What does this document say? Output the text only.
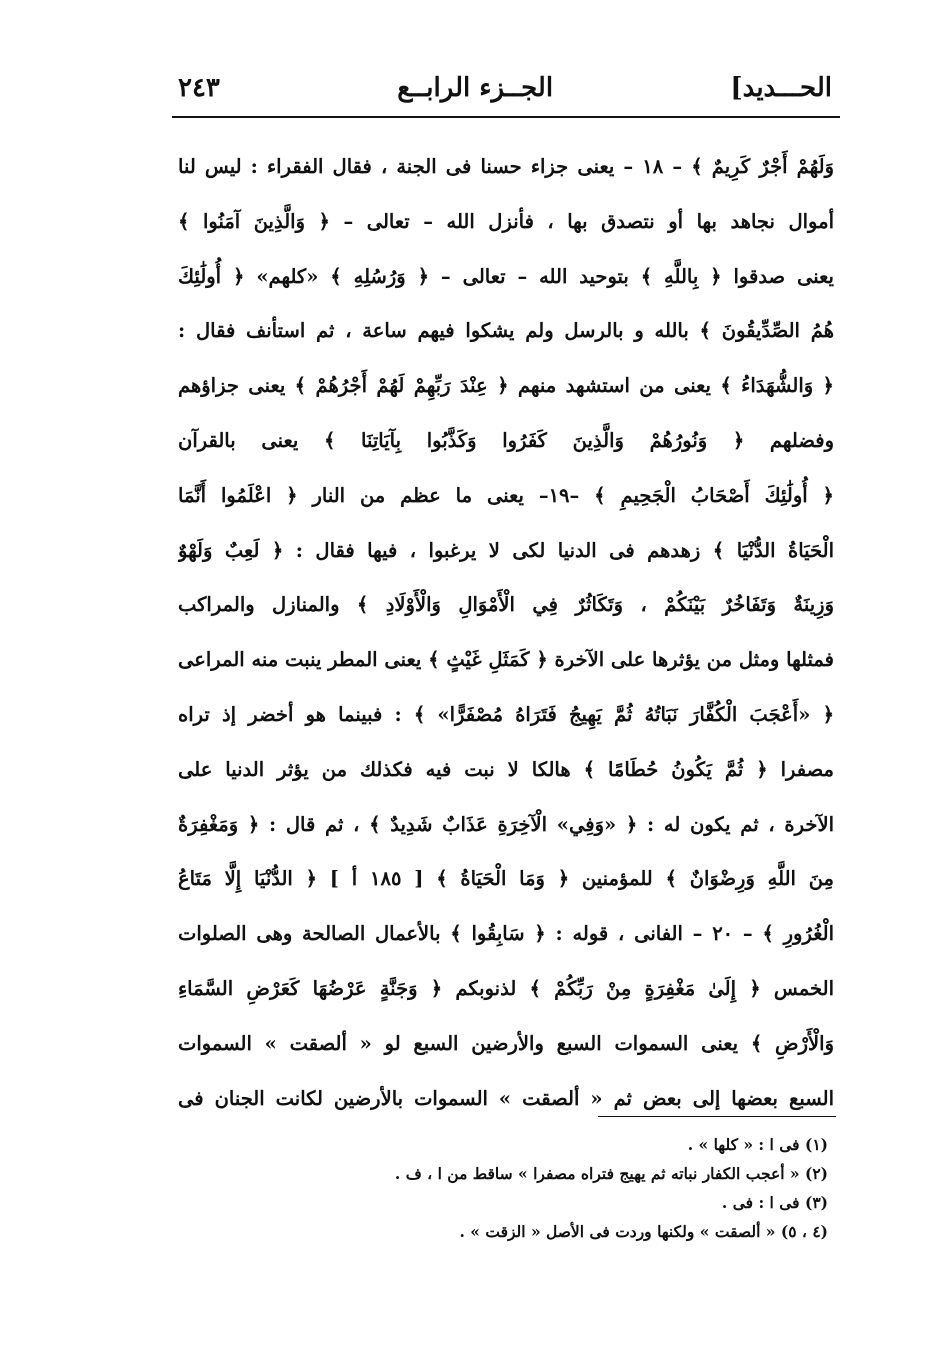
الحـــديد]
الجــزء الرابــع
٢٤٣
وَلَهُمْ أَجْرٌ كَرِيمٌ ﴾ – ١٨ – يعنى جزاء حسنا فى الجنة ، فقال الفقراء : ليس لنا
أموال نجاهد بها أو نتصدق بها ، فأنزل الله – تعالى – ﴿ وَالَّذِينَ آمَنُوا ﴾
يعنى صدقوا ﴿ بِاللَّهِ ﴾ بتوحيد الله – تعالى – ﴿ وَرُسُلِهِ ﴾ «كلهم» ﴿ أُولَٰئِكَ
هُمُ الصِّدِّيقُونَ ﴾ بالله و بالرسل ولم يشكوا فيهم ساعة ، ثم استأنف فقال :
﴿ وَالشُّهَدَاءُ ﴾ يعنى من استشهد منهم ﴿ عِنْدَ رَبِّهِمْ لَهُمْ أَجْرُهُمْ ﴾ يعنى جزاؤهم
وفضلهم ﴿ وَنُورُهُمْ وَالَّذِينَ كَفَرُوا وَكَذَّبُوا بِآيَاتِنَا ﴾ يعنى بالقرآن
﴿ أُولَٰئِكَ أَصْحَابُ الْجَحِيمِ ﴾ –١٩– يعنى ما عظم من النار ﴿ اعْلَمُوا أَنَّمَا
الْحَيَاةُ الدُّنْيَا ﴾ زهدهم فى الدنيا لكى لا يرغبوا ، فيها فقال : ﴿ لَعِبٌ وَلَهْوٌ
وَزِينَةٌ وَتَفَاخُرٌ بَيْنَكُمْ ، وَتَكَاثُرٌ فِي الْأَمْوَالِ وَالْأَوْلَادِ ﴾ والمنازل والمراكب
فمثلها ومثل من يؤثرها على الآخرة ﴿ كَمَثَلِ غَيْثٍ ﴾ يعنى المطر ينبت منه المراعى
﴿ «أَعْجَبَ الْكُفَّارَ نَبَاتُهُ ثُمَّ يَهِيجُ فَتَرَاهُ مُصْفَرًّا» ﴾ : فبينما هو أخضر إذ تراه
مصفرا ﴿ ثُمَّ يَكُونُ حُطَامًا ﴾ هالكا لا نبت فيه فكذلك من يؤثر الدنيا على
الآخرة ، ثم يكون له : ﴿ «وَفِي» الْآخِرَةِ عَذَابٌ شَدِيدٌ ﴾ ، ثم قال : ﴿ وَمَغْفِرَةٌ
مِنَ اللَّهِ وَرِضْوَانٌ ﴾ للمؤمنين ﴿ وَمَا الْحَيَاةُ ﴾ [ ١٨٥ أ ] ﴿ الدُّنْيَا إِلَّا مَتَاعُ
الْغُرُورِ ﴾ – ٢٠ – الفانى ، قوله : ﴿ سَابِقُوا ﴾ بالأعمال الصالحة وهى الصلوات
الخمس ﴿ إِلَىٰ مَغْفِرَةٍ مِنْ رَبِّكُمْ ﴾ لذنوبكم ﴿ وَجَنَّةٍ عَرْضُهَا كَعَرْضِ السَّمَاءِ
وَالْأَرْضِ ﴾ يعنى السموات السبع والأرضين السبع لو « ألصقت » السموات
السبع بعضها إلى بعض ثم « ألصقت » السموات بالأرضين لكانت الجنان فى
(١) فى ا : « كلها » .
(٢) « أعجب الكفار نباته ثم يهيج فتراه مصفرا » ساقط من ا ، ف .
(٣) فى ا : فى .
(٤ ، ٥) « ألصقت » ولكنها وردت فى الأصل « الزقت » .
